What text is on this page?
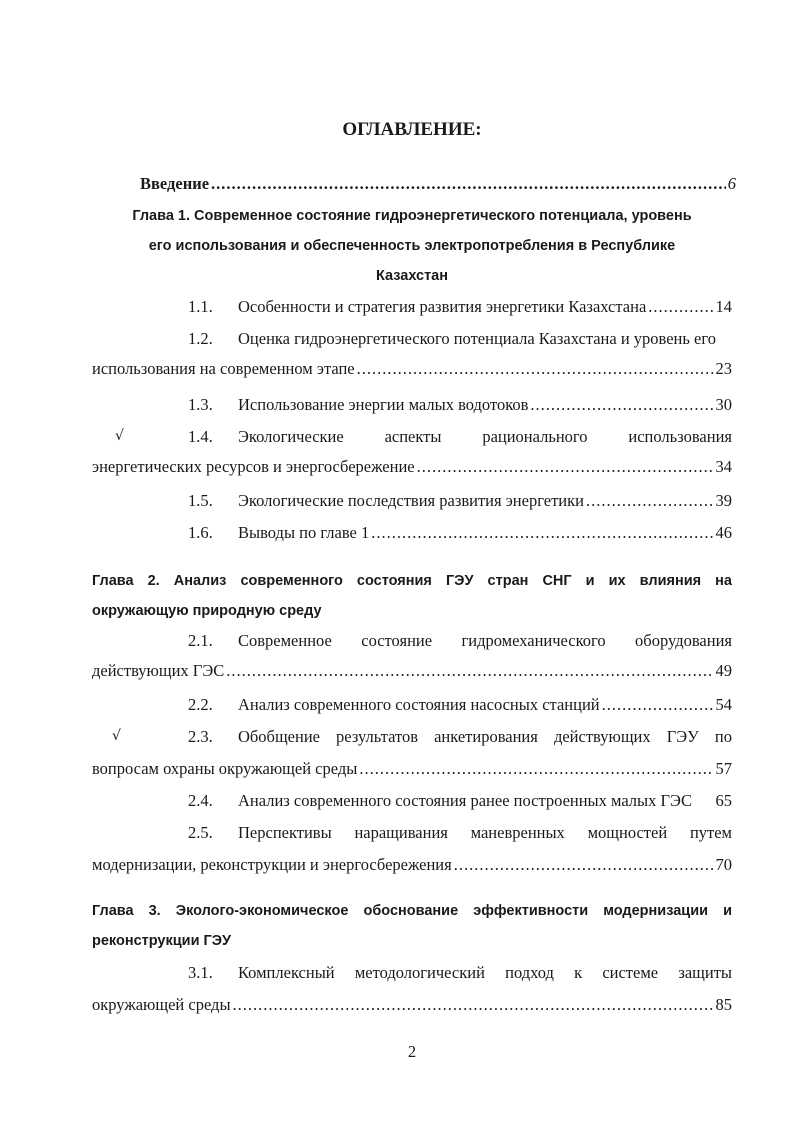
ОГЛАВЛЕНИЕ:
Введение .....	6
Глава 1. Современное состояние гидроэнергетического потенциала, уровень
его использования и обеспеченность электропотребления в Республике
Казахстан
1.1.	Особенности и стратегия развития энергетики Казахстана .....	14
1.2.	Оценка гидроэнергетического потенциала Казахстана и уровень его
использования на современном этапе .....	23
1.3.	Использование энергии малых водотоков .....	30
√	1.4.	Экологические аспекты рационального использования
энергетических ресурсов и энергосбережение .....	34
1.5.	Экологические последствия развития энергетики .....	39
1.6.	Выводы по главе 1 .....	46
Глава 2. Анализ современного состояния ГЭУ стран СНГ и их влияния на
окружающую природную среду
2.1.	Современное состояние гидромеханического оборудования
действующих ГЭС .....	49
2.2.	Анализ современного состояния насосных станций .....	54
√	2.3.	Обобщение результатов анкетирования действующих ГЭУ по
вопросам охраны окружающей среды .....	57
2.4.	Анализ современного состояния ранее построенных малых ГЭС 65
2.5.	Перспективы наращивания маневренных мощностей путем
модернизации, реконструкции и энергосбережения .....	70
Глава 3. Эколого-экономическое обоснование эффективности модернизации и
реконструкции ГЭУ
3.1.	Комплексный методологический подход к системе защиты
окружающей среды .....	85
2
